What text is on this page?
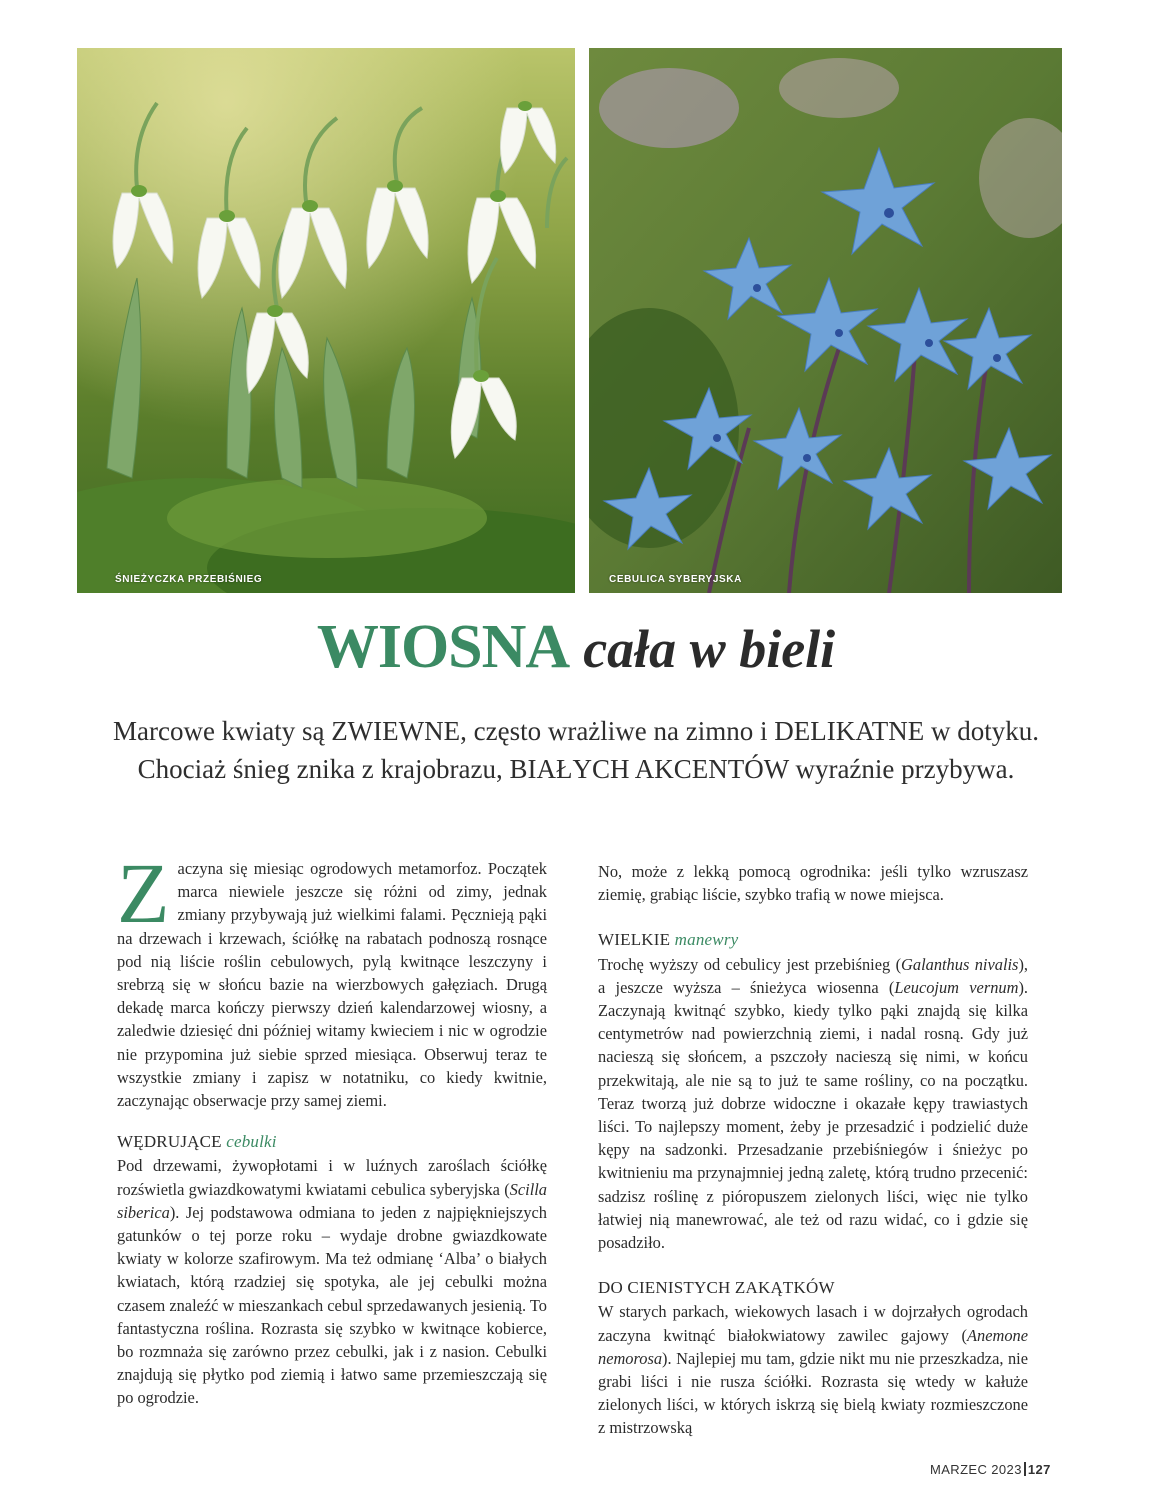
ŚNIEŻYCZKA PRZEBIŚNIEG	CEBULICA SYBERYJSKA
WIOSNA cała w bieli

Marcowe kwiaty są ZWIEWNE, często wrażliwe na zimno i DELIKATNE w dotyku. Chociaż śnieg znika z krajobrazu, BIAŁYCH AKCENTÓW wyraźnie przybywa.

Zaczyna się miesiąc ogrodowych metamorfoz. Początek marca niewiele jeszcze się różni od zimy, jednak zmiany przybywają już wielkimi falami. Pęcznieją pąki na drzewach i krzewach, ściółkę na rabatach podnoszą rosnące pod nią liście roślin cebulowych, pylą kwitnące leszczyny i srebrzą się w słońcu bazie na wierzbowych gałęziach. Drugą dekadę marca kończy pierwszy dzień kalendarzowej wiosny, a zaledwie dziesięć dni później witamy kwieciem i nic w ogrodzie nie przypomina już siebie sprzed miesiąca. Obserwuj teraz te wszystkie zmiany i zapisz w notatniku, co kiedy kwitnie, zaczynając obserwacje przy samej ziemi.

WĘDRUJĄCE cebulki

Pod drzewami, żywopłotami i w luźnych zaroślach ściółkę rozświetla gwiazdkowatymi kwiatami cebulica syberyjska (Scilla siberica). Jej podstawowa odmiana to jeden z najpiękniejszych gatunków o tej porze roku – wydaje drobne gwiazdkowate kwiaty w kolorze szafirowym. Ma też odmianę ‘Alba’ o białych kwiatach, którą rzadziej się spotyka, ale jej cebulki można czasem znaleźć w mieszankach cebul sprzedawanych jesienią. To fantastyczna roślina. Rozrasta się szybko w kwitnące kobierce, bo rozmnaża się zarówno przez cebulki, jak i z nasion. Cebulki znajdują się płytko pod ziemią i łatwo same przemieszczają się po ogrodzie.

No, może z lekką pomocą ogrodnika: jeśli tylko wzruszasz ziemię, grabiąc liście, szybko trafią w nowe miejsca.

WIELKIE manewry

Trochę wyższy od cebulicy jest przebiśnieg (Galanthus nivalis), a jeszcze wyższa – śnieżyca wiosenna (Leucojum vernum). Zaczynają kwitnąć szybko, kiedy tylko pąki znajdą się kilka centymetrów nad powierzchnią ziemi, i nadal rosną. Gdy już nacieszą się słońcem, a pszczoły nacieszą się nimi, w końcu przekwitają, ale nie są to już te same rośliny, co na początku. Teraz tworzą już dobrze widoczne i okazałe kępy trawiastych liści. To najlepszy moment, żeby je przesadzić i podzielić duże kępy na sadzonki. Przesadzanie przebiśniegów i śnieżyc po kwitnieniu ma przynajmniej jedną zaletę, którą trudno przecenić: sadzisz roślinę z pióropuszem zielonych liści, więc nie tylko łatwiej nią manewrować, ale też od razu widać, co i gdzie się posadziło.

DO CIENISTYCH ZAKĄTKÓW

W starych parkach, wiekowych lasach i w dojrzałych ogrodach zaczyna kwitnąć białokwiatowy zawilec gajowy (Anemone nemorosa). Najlepiej mu tam, gdzie nikt mu nie przeszkadza, nie grabi liści i nie rusza ściółki. Rozrasta się wtedy w kałuże zielonych liści, w których iskrzą się bielą kwiaty rozmieszczone z mistrzowską

MARZEC 2023 127
